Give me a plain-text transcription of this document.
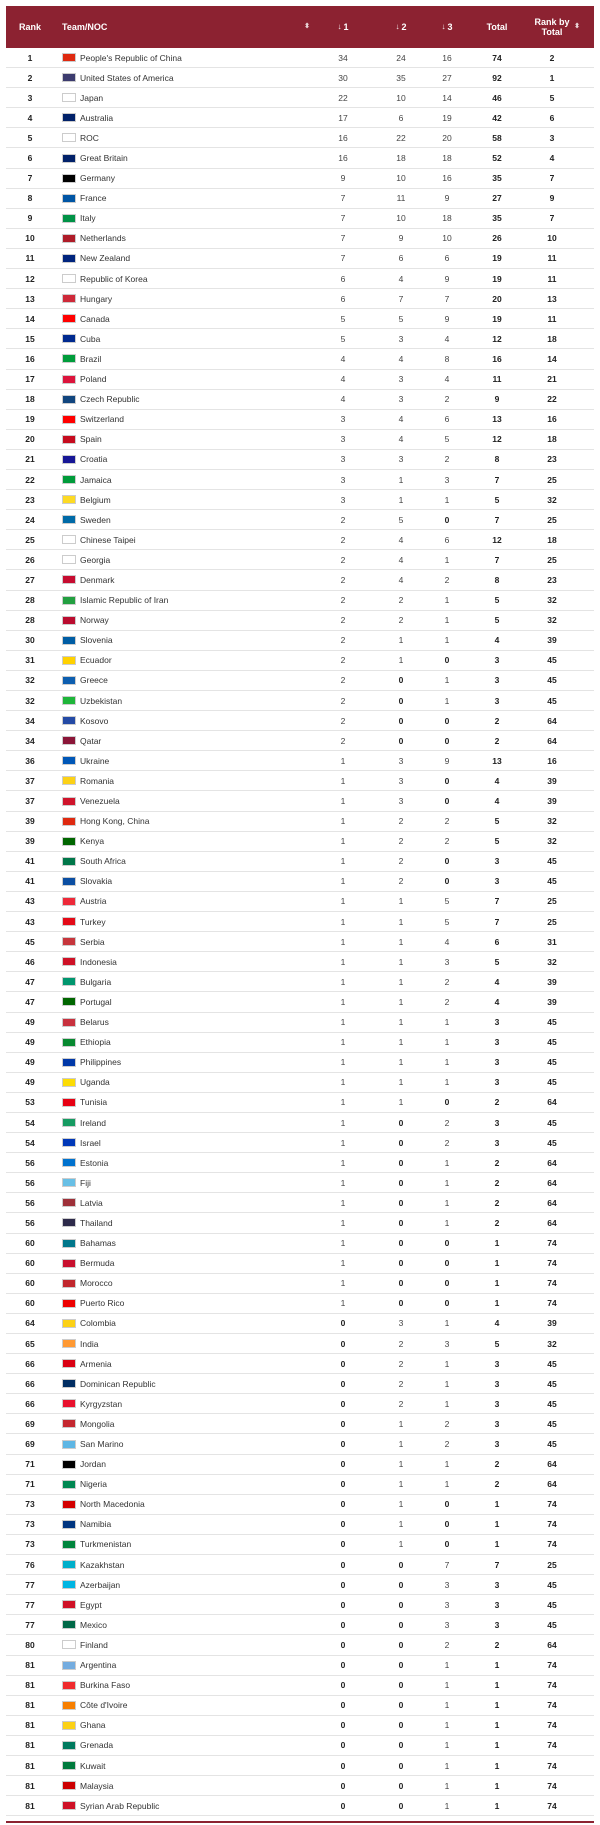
Rank	Team/NOC	⬍	↓ 1	↓ 2	↓ 3	Total	Rank by Total
⬍
1	People's Republic of China	34	24	16	74	2
2	United States of America	30	35	27	92	1
3	Japan	22	10	14	46	5
4	Australia	17	6	19	42	6
5	ROC	16	22	20	58	3
6	Great Britain	16	18	18	52	4
7	Germany	9	10	16	35	7
8	France	7	11	9	27	9
9	Italy	7	10	18	35	7
10	Netherlands	7	9	10	26	10
11	New Zealand	7	6	6	19	11
12	Republic of Korea	6	4	9	19	11
13	Hungary	6	7	7	20	13
14	Canada	5	5	9	19	11
15	Cuba	5	3	4	12	18
16	Brazil	4	4	8	16	14
17	Poland	4	3	4	11	21
18	Czech Republic	4	3	2	9	22
19	Switzerland	3	4	6	13	16
20	Spain	3	4	5	12	18
21	Croatia	3	3	2	8	23
22	Jamaica	3	1	3	7	25
23	Belgium	3	1	1	5	32
24	Sweden	2	5	0	7	25
25	Chinese Taipei	2	4	6	12	18
26	Georgia	2	4	1	7	25
27	Denmark	2	4	2	8	23
28	Islamic Republic of Iran	2	2	1	5	32
28	Norway	2	2	1	5	32
30	Slovenia	2	1	1	4	39
31	Ecuador	2	1	0	3	45
32	Greece	2	0	1	3	45
32	Uzbekistan	2	0	1	3	45
34	Kosovo	2	0	0	2	64
34	Qatar	2	0	0	2	64
36	Ukraine	1	3	9	13	16
37	Romania	1	3	0	4	39
37	Venezuela	1	3	0	4	39
39	Hong Kong, China	1	2	2	5	32
39	Kenya	1	2	2	5	32
41	South Africa	1	2	0	3	45
41	Slovakia	1	2	0	3	45
43	Austria	1	1	5	7	25
43	Turkey	1	1	5	7	25
45	Serbia	1	1	4	6	31
46	Indonesia	1	1	3	5	32
47	Bulgaria	1	1	2	4	39
47	Portugal	1	1	2	4	39
49	Belarus	1	1	1	3	45
49	Ethiopia	1	1	1	3	45
49	Philippines	1	1	1	3	45
49	Uganda	1	1	1	3	45
53	Tunisia	1	1	0	2	64
54	Ireland	1	0	2	3	45
54	Israel	1	0	2	3	45
56	Estonia	1	0	1	2	64
56	Fiji	1	0	1	2	64
56	Latvia	1	0	1	2	64
56	Thailand	1	0	1	2	64
60	Bahamas	1	0	0	1	74
60	Bermuda	1	0	0	1	74
60	Morocco	1	0	0	1	74
60	Puerto Rico	1	0	0	1	74
64	Colombia	0	3	1	4	39
65	India	0	2	3	5	32
66	Armenia	0	2	1	3	45
66	Dominican Republic	0	2	1	3	45
66	Kyrgyzstan	0	2	1	3	45
69	Mongolia	0	1	2	3	45
69	San Marino	0	1	2	3	45
71	Jordan	0	1	1	2	64
71	Nigeria	0	1	1	2	64
73	North Macedonia	0	1	0	1	74
73	Namibia	0	1	0	1	74
73	Turkmenistan	0	1	0	1	74
76	Kazakhstan	0	0	7	7	25
77	Azerbaijan	0	0	3	3	45
77	Egypt	0	0	3	3	45
77	Mexico	0	0	3	3	45
80	Finland	0	0	2	2	64
81	Argentina	0	0	1	1	74
81	Burkina Faso	0	0	1	1	74
81	Côte d'Ivoire	0	0	1	1	74
81	Ghana	0	0	1	1	74
81	Grenada	0	0	1	1	74
81	Kuwait	0	0	1	1	74
81	Malaysia	0	0	1	1	74
81	Syrian Arab Republic	0	0	1	1	74
